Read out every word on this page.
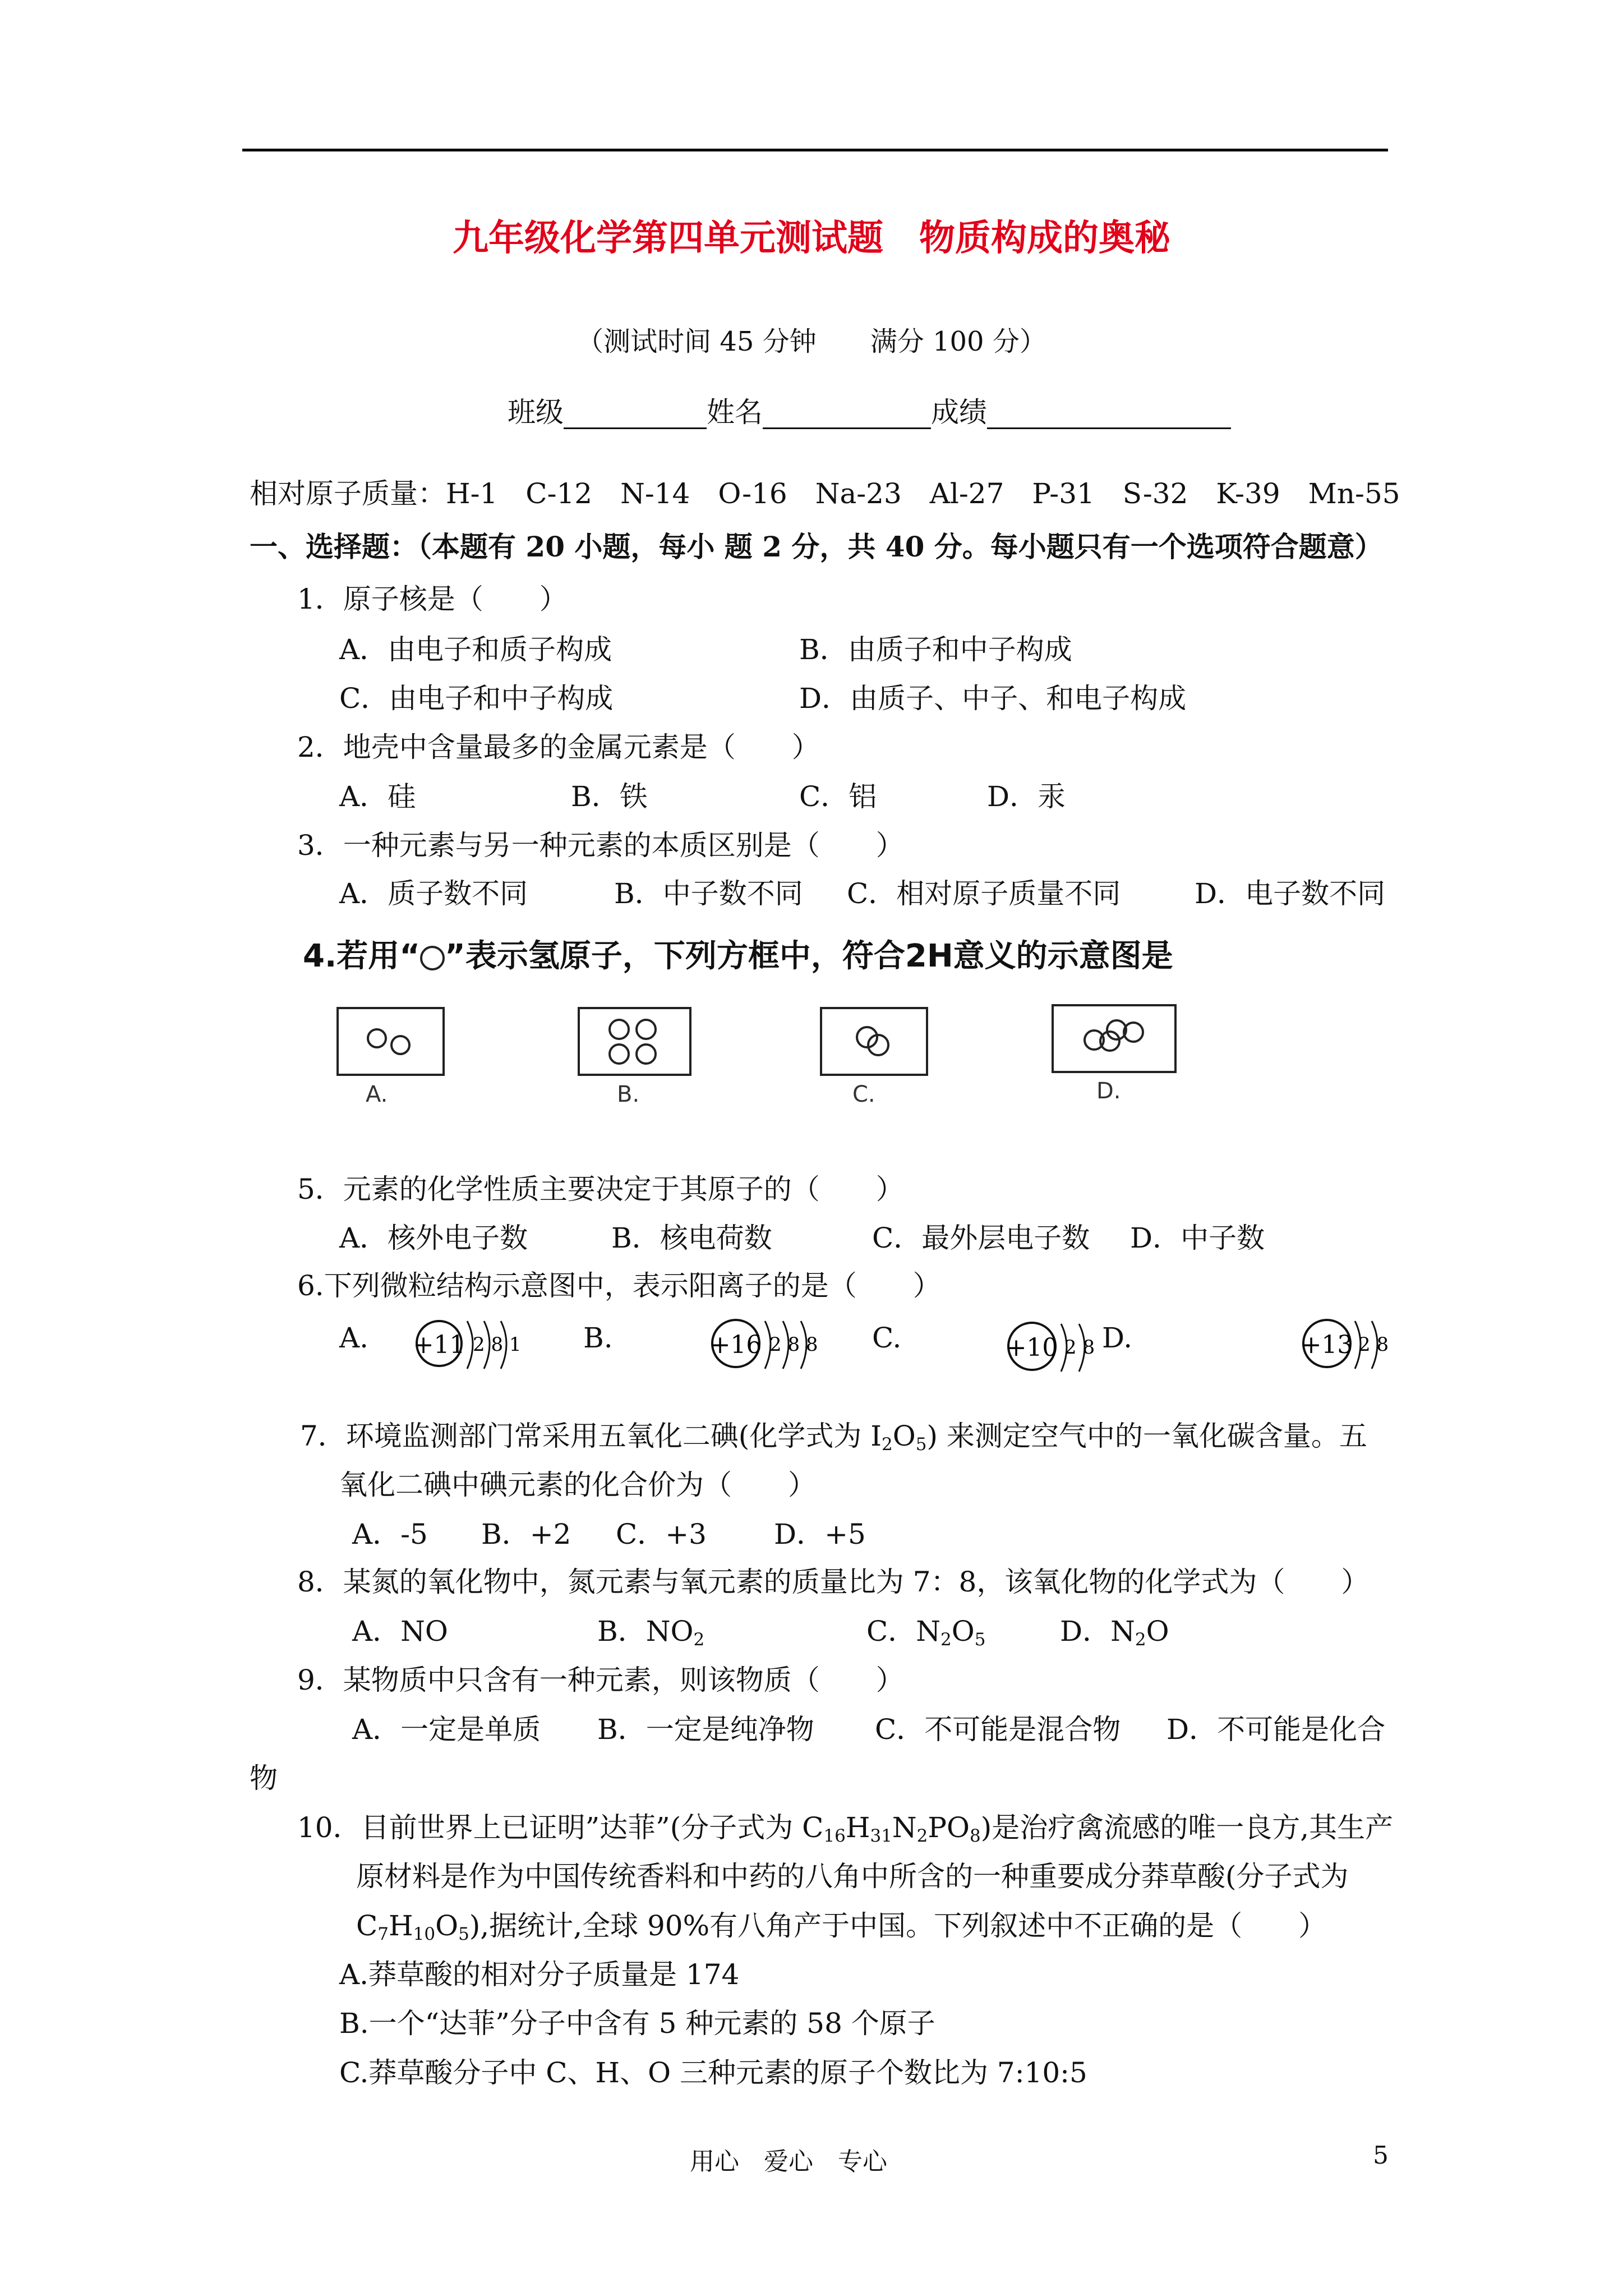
九年级化学第四单元测试题　物质构成的奥秘
（测试时间 45 分钟　　满分 100 分）
班级	姓名	成绩
相对原子质量：H-1　C-12　N-14　O-16　Na-23　Al-27　P-31　S-32　K-39　Mn-55
一、选择题：（本题有 20 小题，每小 题 2 分，共 40 分。每小题只有一个选项符合题意）
1．原子核是（　　）
A．由电子和质子构成	B．由质子和中子构成
C．由电子和中子构成	D．由质子、中子、和电子构成
2．地壳中含量最多的金属元素是（　　）
A．硅	B．铁	C．铝	D．汞
3．一种元素与另一种元素的本质区别是（　　）
A．质子数不同	B．中子数不同 C．相对原子质量不同	D．电子数不同
4.若用“ ”表示氢原子，下列方框中，符合2H意义的示意图是
A.	B.	C.	D.
5．元素的化学性质主要决定于其原子的（　　）
A．核外电子数	B．核电荷数	C．最外层电子数 D．中子数
6.下列微粒结构示意图中，表示阳离子的是（　　）
A. +11 2 8 1 B.	+16 2 8 8 C.	+10 2 8 D.	+13 2 8
7．环境监测部门常采用五氧化二碘(化学式为 $I_2O_5$) 来测定空气中的一氧化碳含量。五
氧化二碘中碘元素的化合价为（　　）
A．-5 B．+2 C．+3 D．+5
8．某氮的氧化物中，氮元素与氧元素的质量比为 7：8，该氧化物的化学式为（　　）
A．NO	B．$NO_2$	C．$N_2O_5$	D．$N_2O$
9．某物质中只含有一种元素，则该物质（　　）
A．一定是单质 B．一定是纯净物 C．不可能是混合物 D．不可能是化合
物
10．目前世界上已证明”达菲”(分子式为 $C_{16}H_{31}N_2PO_8$)是治疗禽流感的唯一良方,其生产
原材料是作为中国传统香料和中药的八角中所含的一种重要成分莽草酸(分子式为
$C_7H_{10}O_5$),据统计,全球 90%有八角产于中国。下列叙述中不正确的是（　　）
A.莽草酸的相对分子质量是 174
B.一个“达菲”分子中含有 5 种元素的 58 个原子
C.莽草酸分子中 C、H、O 三种元素的原子个数比为 7:10:5
用心　爱心　专心	5
